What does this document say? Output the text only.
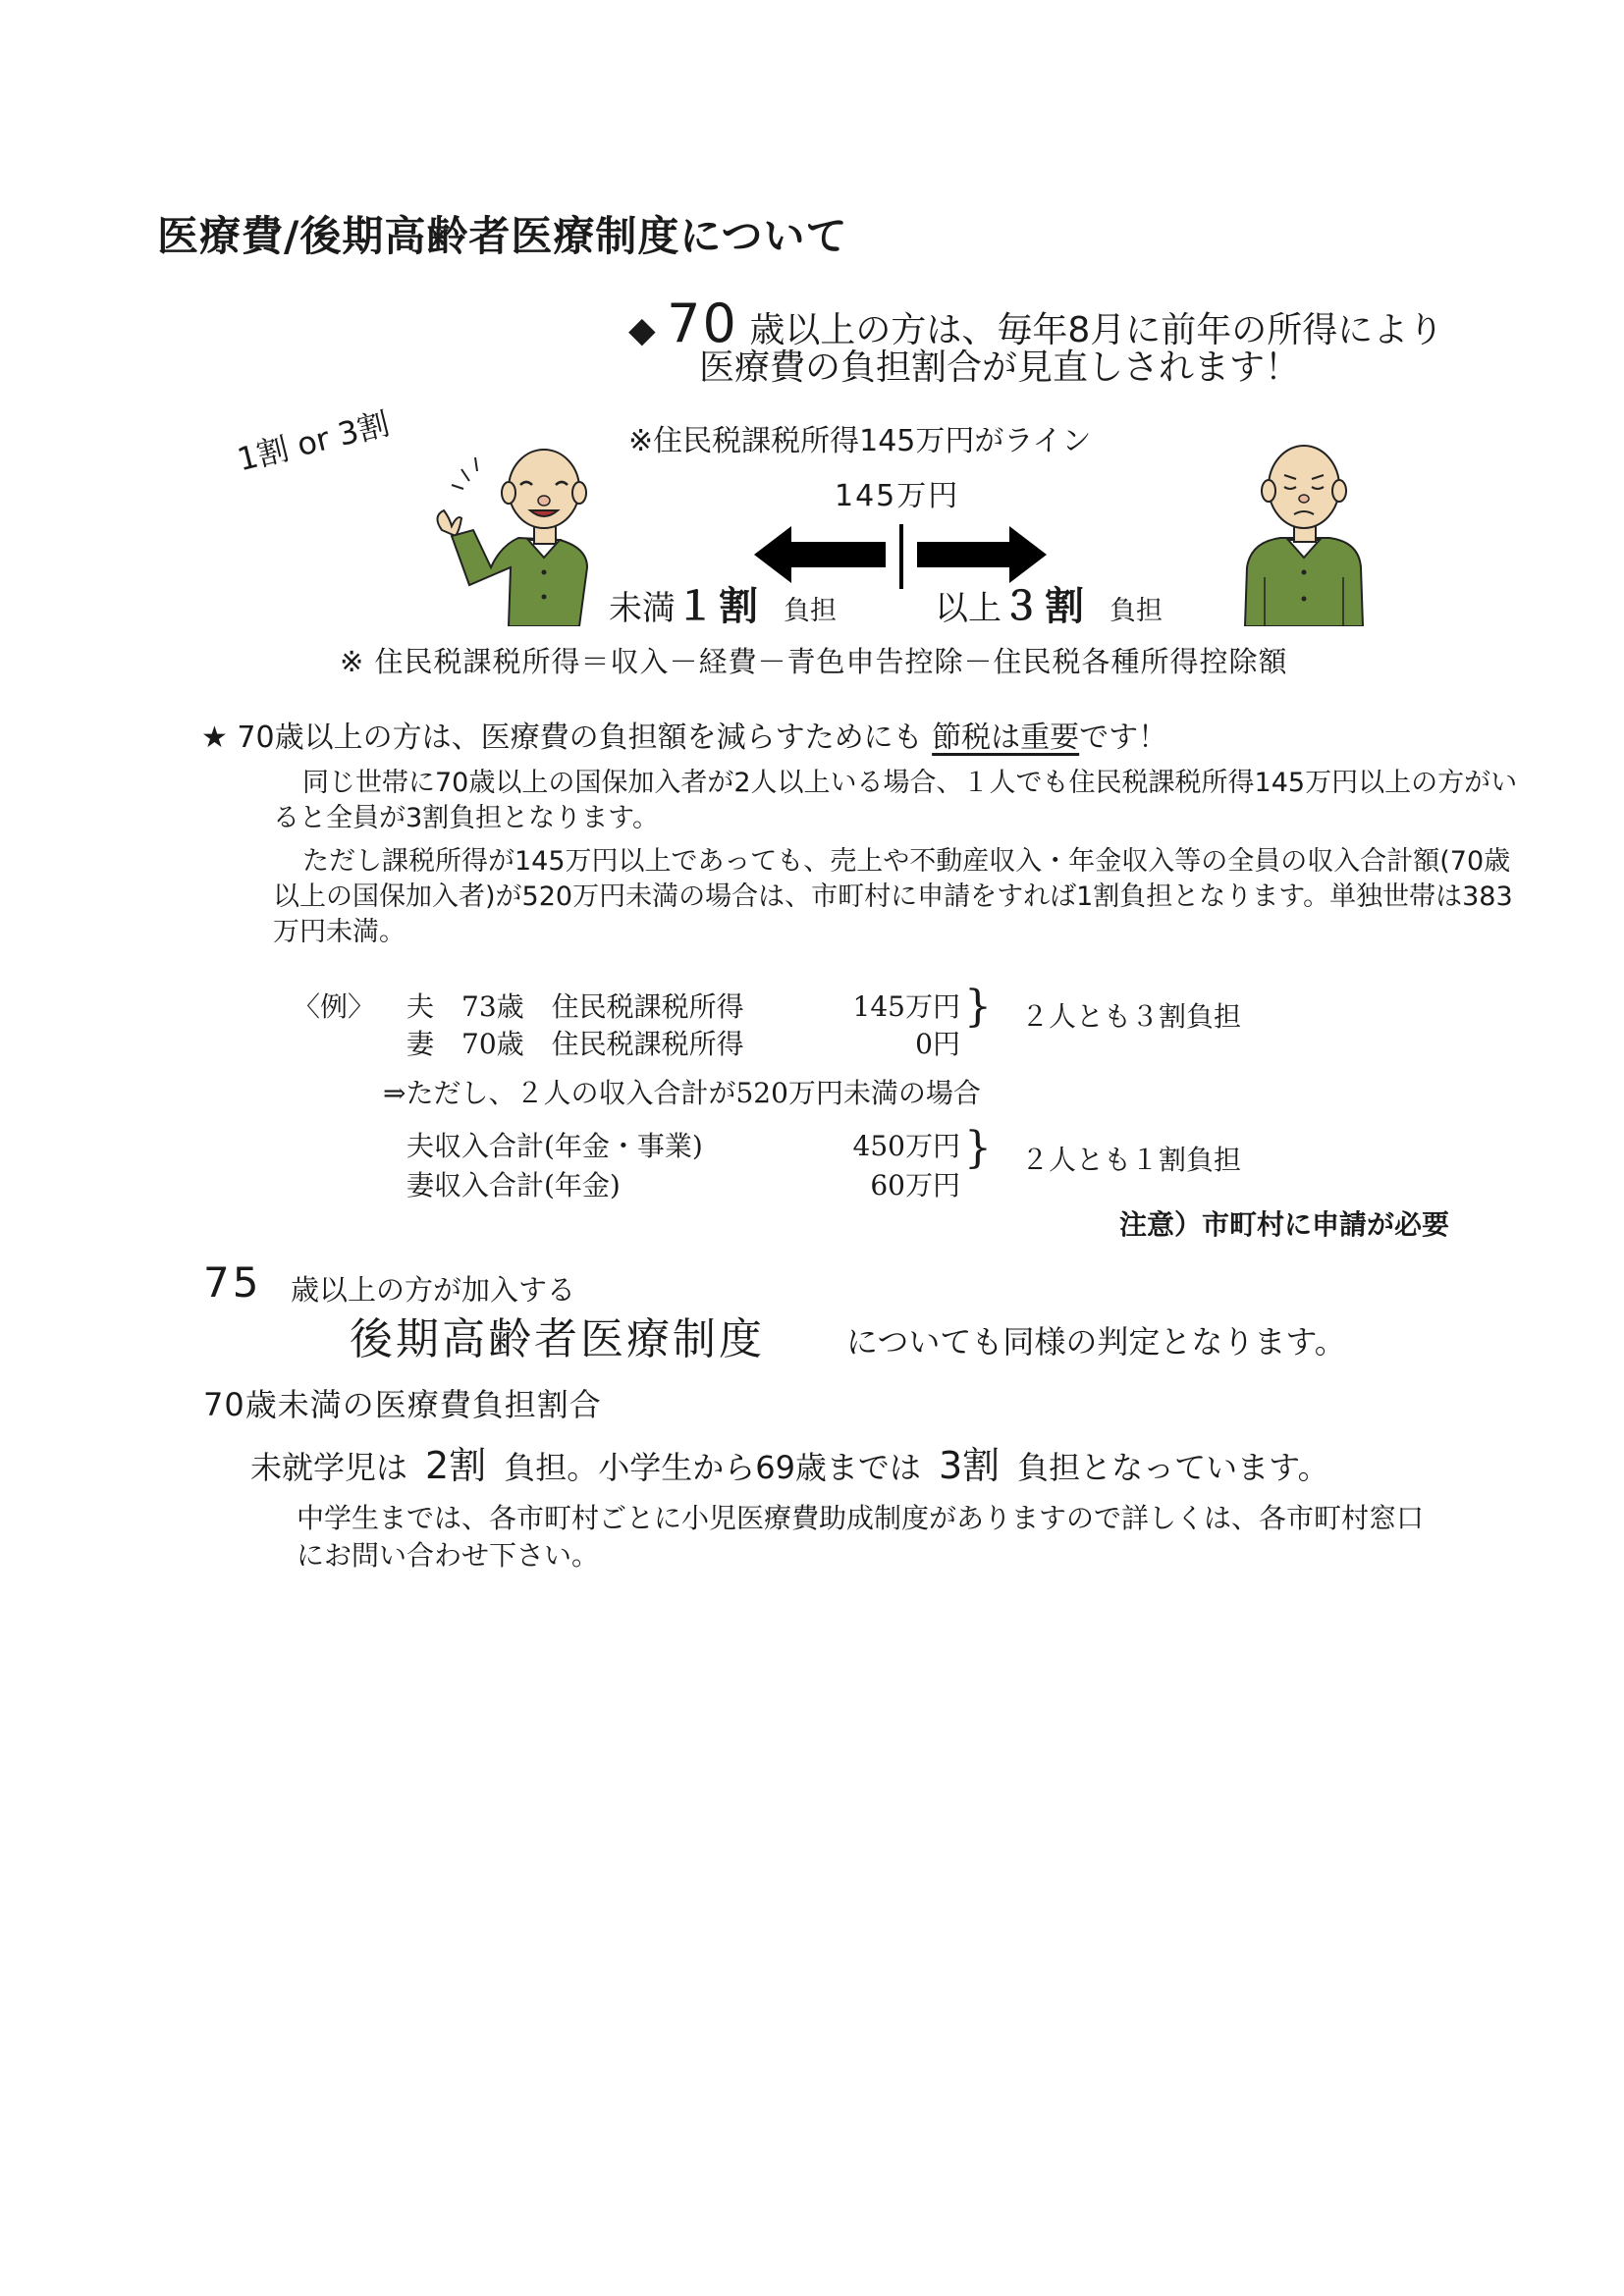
医療費/後期高齢者医療制度について
◆ 70 歳以上の方は、毎年8月に前年の所得により
医療費の負担割合が見直しされます！
※住民税課税所得145万円がライン
1割 or 3割
145万円
未満１割 負担	以上３割 負担
※ 住民税課税所得＝収入－経費－青色申告控除－住民税各種所得控除額
★ 70歳以上の方は、医療費の負担額を減らすためにも 節税は重要です！
同じ世帯に70歳以上の国保加入者が2人以上いる場合、１人でも住民税課税所得145万円以上の方がいると全員が3割負担となります。
ただし課税所得が145万円以上であっても、売上や不動産収入・年金収入等の全員の収入合計額(70歳以上の国保加入者)が520万円未満の場合は、市町村に申請をすれば1割負担となります。単独世帯は383万円未満。
〈例〉 夫　73歳　住民税課税所得	145万円
妻　70歳　住民税課税所得	0円
} ２人とも３割負担
⇒ただし、２人の収入合計が520万円未満の場合
夫収入合計(年金・事業)	450万円
妻収入合計(年金)	60万円
} ２人とも１割負担
注意）市町村に申請が必要
75 歳以上の方が加入する
後期高齢者医療制度	についても同様の判定となります。
70歳未満の医療費負担割合
未就学児は 2割 負担。小学生から69歳までは 3割 負担となっています。
中学生までは、各市町村ごとに小児医療費助成制度がありますので詳しくは、各市町村窓口にお問い合わせ下さい。
